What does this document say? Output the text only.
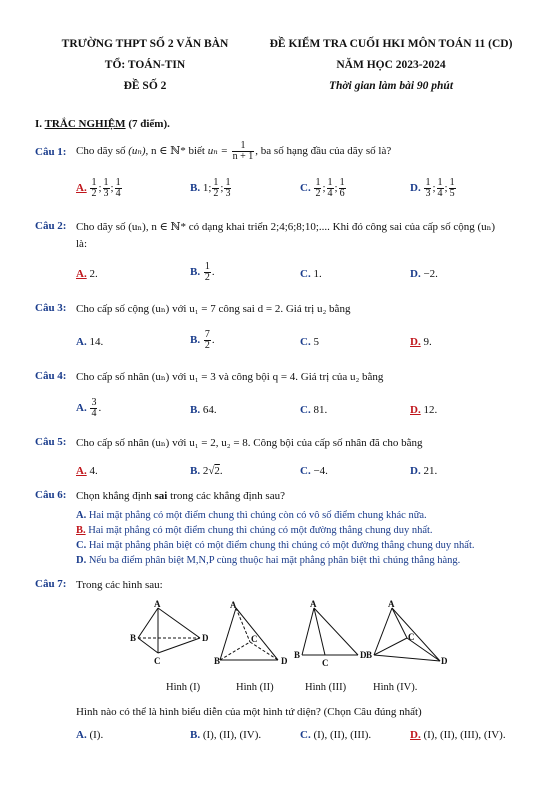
TRƯỜNG THPT SỐ 2 VĂN BÀN
TỔ: TOÁN-TIN
ĐỀ SỐ 2
ĐỀ KIỂM TRA CUỐI HKI MÔN TOÁN 11 (CD)
NĂM HỌC 2023-2024
Thời gian làm bài 90 phút
I. TRẮC NGHIỆM (7 điểm).
Câu 1: Cho dãy số (uₙ), n ∈ ℕ* biết $u_n = \frac{1}{n + 1}$ , ba số hạng đầu của dãy số là?
A. $\frac{1}{2}$ ; $\frac{1}{3}$ ; $\frac{1}{4}$	B. 1; $\frac{1}{2}$ ; $\frac{1}{3}$	C. $\frac{1}{2}$ ; $\frac{1}{4}$ ; $\frac{1}{6}$	D. $\frac{1}{3}$ ; $\frac{1}{4}$ ; $\frac{1}{5}$
Câu 2: Cho dãy số (uₙ), n ∈ ℕ* có dạng khai triển 2;4;6;8;10;.... Khi đó công sai của cấp số cộng (uₙ)
là:
A. 2.	B. $\frac{1}{2}$ .	C. 1.	D. −2.
Câu 3: Cho cấp số cộng (uₙ) với u₁ = 7 công sai d = 2. Giá trị u₂ bằng
A. 14.	B. $\frac{7}{2}$ .	C. 5	D. 9.
Câu 4: Cho cấp số nhân (uₙ) với u₁ = 3 và công bội q = 4. Giá trị của u₂ bằng
A. $\frac{3}{4}$ .	B. 64.	C. 81.	D. 12.
Câu 5: Cho cấp số nhân (uₙ) với u₁ = 2, u₂ = 8. Công bội của cấp số nhân đã cho bằng
A. 4.	B. 2√2.	C. −4.	D. 21.
Câu 6: Chọn khẳng định sai trong các khẳng định sau?
A. Hai mặt phẳng có một điểm chung thì chúng còn có vô số điểm chung khác nữa.
B. Hai mặt phẳng có một điểm chung thì chúng có một đường thẳng chung duy nhất.
C. Hai mặt phẳng phân biệt có một điểm chung thì chúng có một đường thẳng chung duy nhất.
D. Nếu ba điểm phân biệt M,N,P cùng thuộc hai mặt phẳng phân biệt thì chúng thẳng hàng.
Câu 7: Trong các hình sau:
A
B	D
C
A
B	D
C
A
B	D
C
A
B
D
C
Hình (I)	Hình (II)	Hình (III)	Hình (IV).
Hình nào có thể là hình biểu diễn của một hình tứ diện? (Chọn Câu đúng nhất)
A. (I).	B. (I), (II), (IV).	C. (I), (II), (III).	D. (I), (II), (III), (IV).
